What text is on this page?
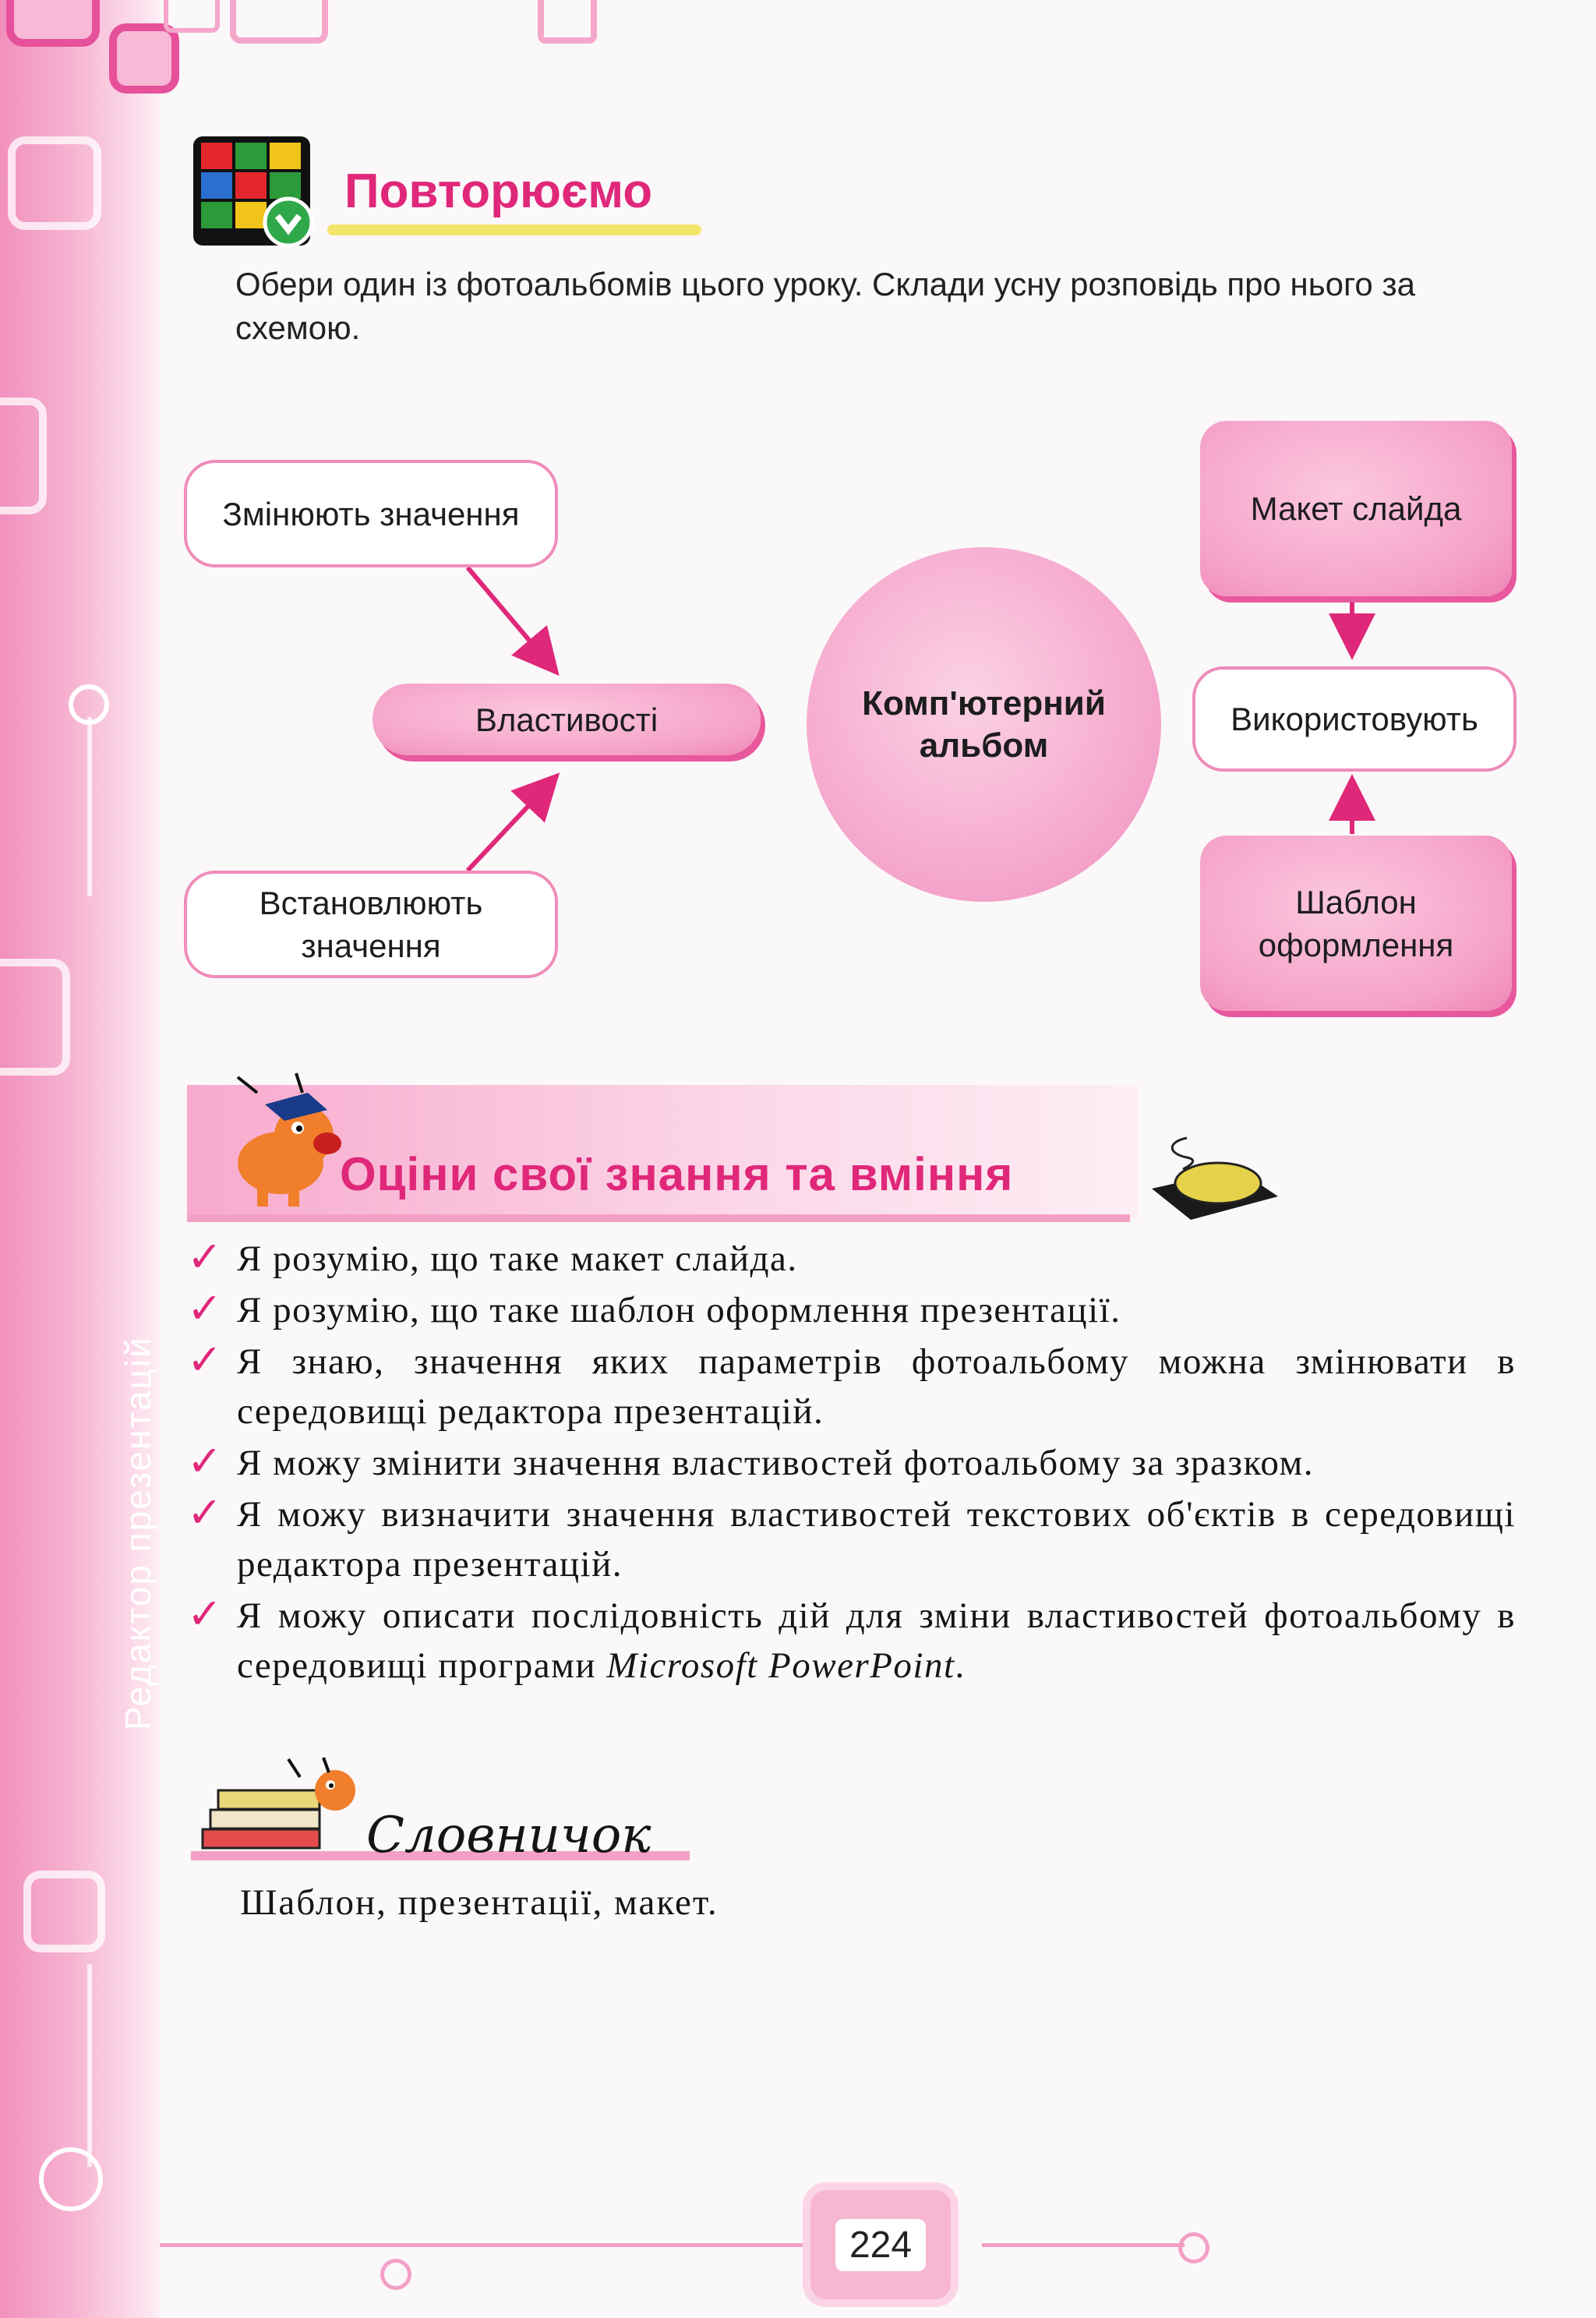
Редактор презентацій
Повторюємо
Обери один із фотоальбомів цього уроку. Склади усну розповідь про нього за схемою.
Змінюють значення
Властивості
Встановлюють значення
Комп'ютерний альбом
Макет слайда
Використовують
Шаблон оформлення
Оціни свої знання та вміння
✓ Я розумію, що таке макет слайда.
✓ Я розумію, що таке шаблон оформлення презентації.
✓ Я знаю, значення яких параметрів фотоальбому можна змінювати в середовищі редактора презентацій.
✓ Я можу змінити значення властивостей фотоальбому за зразком.
✓ Я можу визначити значення властивостей текстових об'єктів в середовищі редактора презентацій.
✓ Я можу описати послідовність дій для зміни властивостей фотоальбому в середовищі програми Microsoft PowerPoint.
Словничок
Шаблон, презентації, макет.
224
